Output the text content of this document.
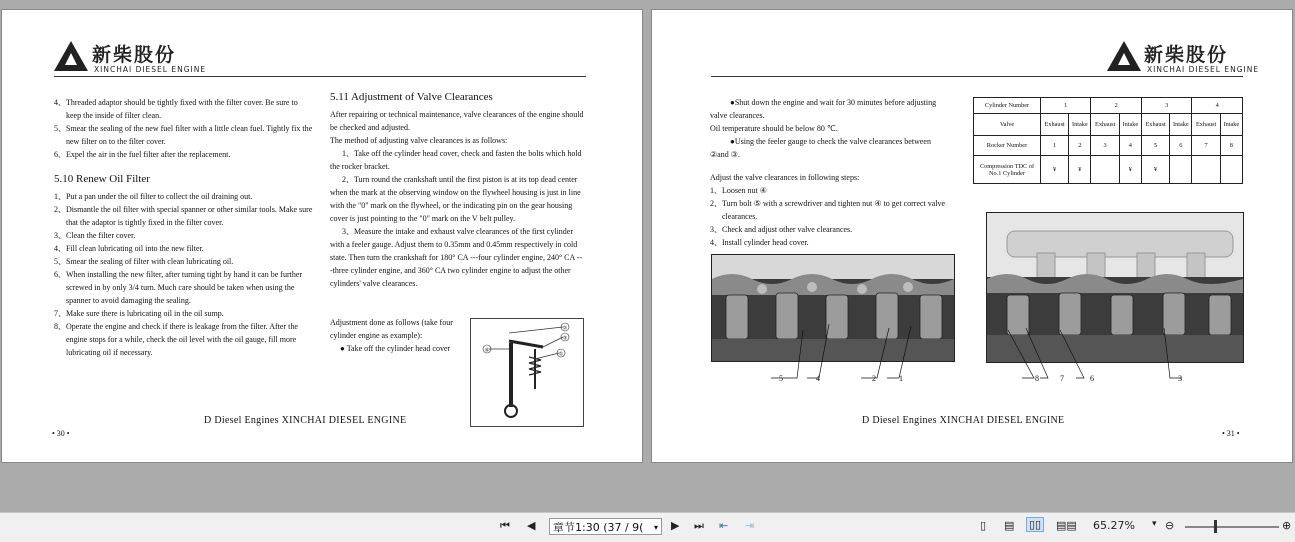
新柴股份
XINCHAI DIESEL ENGINE

4、Threaded adaptor should be tightly fixed with the filter cover. Be sure to keep the inside of filter clean.

5、Smear the sealing of the new fuel filter with a little clean fuel. Tightly fix the new filter on to the filter cover.

6、Expel the air in the fuel filter after the replacement.

5.10 Renew Oil Filter

1、Put a pan under the oil filter to collect the oil draining out.

2、Dismantle the oil filter with special spanner or other similar tools. Make sure that the adaptor is tightly fixed in the filter cover.

3、Clean the filter cover.

4、Fill clean lubricating oil into the new filter.

5、Smear the sealing of filter with clean lubricating oil.

6、When installing the new filter, after turning tight by hand it can be further screwed in by only 3/4 turn. Much care should be taken when using the spanner to avoid damaging the sealing.

7、Make sure there is lubricating oil in the oil sump.

8、Operate the engine and check if there is leakage from the filter. After the engine stops for a while, check the oil level with the oil gauge, fill more lubricating oil if necessary.

5.11 Adjustment of Valve Clearances

After repairing or technical maintenance, valve clearances of the engine should be checked and adjusted.

The method of adjusting valve clearances is as follows:

1、Take off the cylinder head cover, check and fasten the bolts which hold the rocker bracket.

2、Turn round the crankshaft until the first piston is at its top dead center when the mark at the observing window on the flywheel housing is just in line with the "0" mark on the flywheel, or the indicating pin on the gear housing cover is just pointing to the "0" mark on the V belt pulley.

3、Measure the intake and exhaust valve clearances of the first cylinder with a feeler gauge. Adjust them to 0.35mm and 0.45mm respectively in cold state. Then turn the crankshaft for 180° CA ---four cylinder engine, 240° CA ---three cylinder engine, and 360° CA two cylinder engine to adjust the other cylinders' valve clearances.

Adjustment done as follows (take four cylinder engine as example):

● Take off the cylinder head cover

②
③
①
④
D Diesel Engines XINCHAI DIESEL ENGINE
• 30 •
新柴股份
XINCHAI DIESEL ENGINE

●Shut down the engine and wait for 30 minutes before adjusting valve clearances.

Oil temperature should be below 80 ℃.

●Using the feeler gauge to check the valve clearances between ②and ③.

Adjust the valve clearances in following steps:

1、Loosen nut ④

2、Turn bolt ⑤ with a screwdriver and tighten nut ④ to get correct valve clearances.

3、Check and adjust other valve clearances.

4、Install cylinder head cover.

Cylinder Number	1		2		3		4	
Valve	Exhaust	Intake	Exhaust	Intake	Exhaust	Intake	Exhaust	Intake
Rocker Number	1	2	3	4	5	6	7	8
Compression TDC of No.1 Cylinder	¥	¥		¥	¥			
5	4	2	1	8	7	6	3
D Diesel Engines XINCHAI DIESEL ENGINE
• 31 •
⏮ ◀	章节1:30 (37 / 9( ▾ ▶ ⏭ ⇤ ⇥	▯ ▤ ▯▯ ▤▤ 65.27% ▾ ⊖	⊕
